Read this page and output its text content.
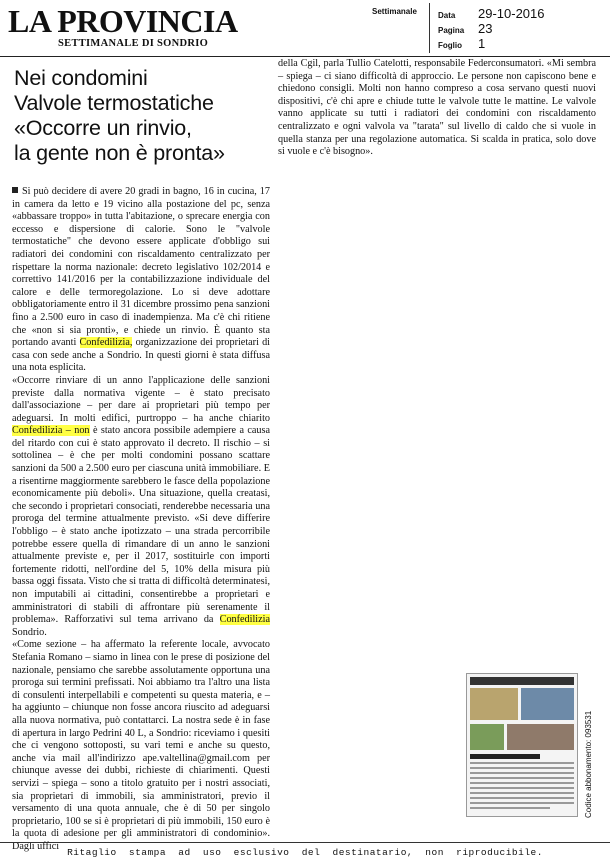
LA PROVINCIA
SETTIMANALE DI SONDRIO
Settimanale	Data 29-10-2016
Pagina 23
Foglio 1
Nei condomini
Valvole termostatiche
«Occorre un rinvio,
la gente non è pronta»

Si può decidere di avere 20 gradi in bagno, 16 in cucina, 17 in camera da letto e 19 vicino alla postazione del pc, senza «abbassare troppo» in tutta l'abitazione, o sprecare energia con eccesso e dispersione di calorie. Sono le "valvole termostatiche" che devono essere applicate d'obbligo sui radiatori dei condomini con riscaldamento centralizzato per rispettare la norma nazionale: decreto legislativo 102/2014 e correttivo 141/2016 per la contabilizzazione individuale del calore e delle termoregolazione. Lo si deve adottare obbligatoriamente entro il 31 dicembre prossimo pena sanzioni fino a 2.500 euro in caso di inadempienza. Ma c'è chi ritiene che «non si sia pronti», e chiede un rinvio. È quanto sta portando avanti Confedilizia, organizzazione dei proprietari di casa con sede anche a Sondrio. In questi giorni è stata diffusa una nota esplicita.

«Occorre rinviare di un anno l'applicazione delle sanzioni previste dalla normativa vigente – è stato precisato dall'associazione – per dare ai proprietari più tempo per adeguarsi. In molti edifici, purtroppo – ha anche chiarito Confedilizia – non è stato ancora possibile adempiere a causa del ritardo con cui è stato approvato il decreto. Il rischio – si sottolinea – è che per molti condomini possano scattare sanzioni da 500 a 2.500 euro per ciascuna unità immobiliare. E a risentirne maggiormente sarebbero le fasce della popolazione economicamente più deboli». Una situazione, quella creatasi, che secondo i proprietari consociati, renderebbe necessaria una proroga del termine attualmente previsto. «Si deve differire l'obbligo – è stato anche ipotizzato – una strada percorribile potrebbe essere quella di rimandare di un anno le sanzioni attualmente previste e, per il 2017, sostituirle con importi fortemente ridotti, nell'ordine del 5, 10% della misura più bassa oggi fissata. Visto che si tratta di difficoltà determinatesi, non imputabili ai cittadini, consentirebbe a proprietari e amministratori di stabili di affrontare più serenamente il problema». Rafforzativi sul tema arrivano da Confedilizia Sondrio.

«Come sezione – ha affermato la referente locale, avvocato Stefania Romano – siamo in linea con le prese di posizione del nazionale, pensiamo che sarebbe assolutamente opportuna una proroga sui termini prefissati. Noi abbiamo tra l'altro una lista di consulenti interpellabili e competenti su questa materia, e – ha aggiunto – chiunque non fosse ancora riuscito ad adeguarsi alla nuova normativa, può contattarci. La nostra sede è in fase di apertura in largo Pedrini 40 L, a Sondrio: riceviamo i quesiti che ci vengono sottoposti, su vari temi e anche su questo, anche via mail all'indirizzo ape.valtellina@gmail.com per chiunque avesse dei dubbi, richieste di chiarimenti. Questi servizi – spiega – sono a titolo gratuito per i nostri associati, sia proprietari di immobili, sia amministratori, previo il versamento di una quota annuale, che è di 50 per singolo proprietario, 100 se si è proprietari di più immobili, 150 euro è la quota di adesione per gli amministratori di condominio». Dagli uffici

della Cgil, parla Tullio Catelotti, responsabile Federconsumatori. «Mi sembra – spiega – ci siano difficoltà di approccio. Le persone non capiscono bene e chiedono consigli. Molti non hanno compreso a cosa servano questi nuovi dispositivi, c'è chi apre e chiude tutte le valvole tutte le mattine. Le valvole vanno applicate su tutti i radiatori dei condomini con riscaldamento centralizzato e ogni valvola va "tarata" sul livello di caldo che si vuole in quella stanza per una regolazione automatica. Si scalda in pratica, solo dove si vuole e c'è bisogno».

Codice abbonamento: 093531
Ritaglio stampa ad uso esclusivo del destinatario, non riproducibile.
